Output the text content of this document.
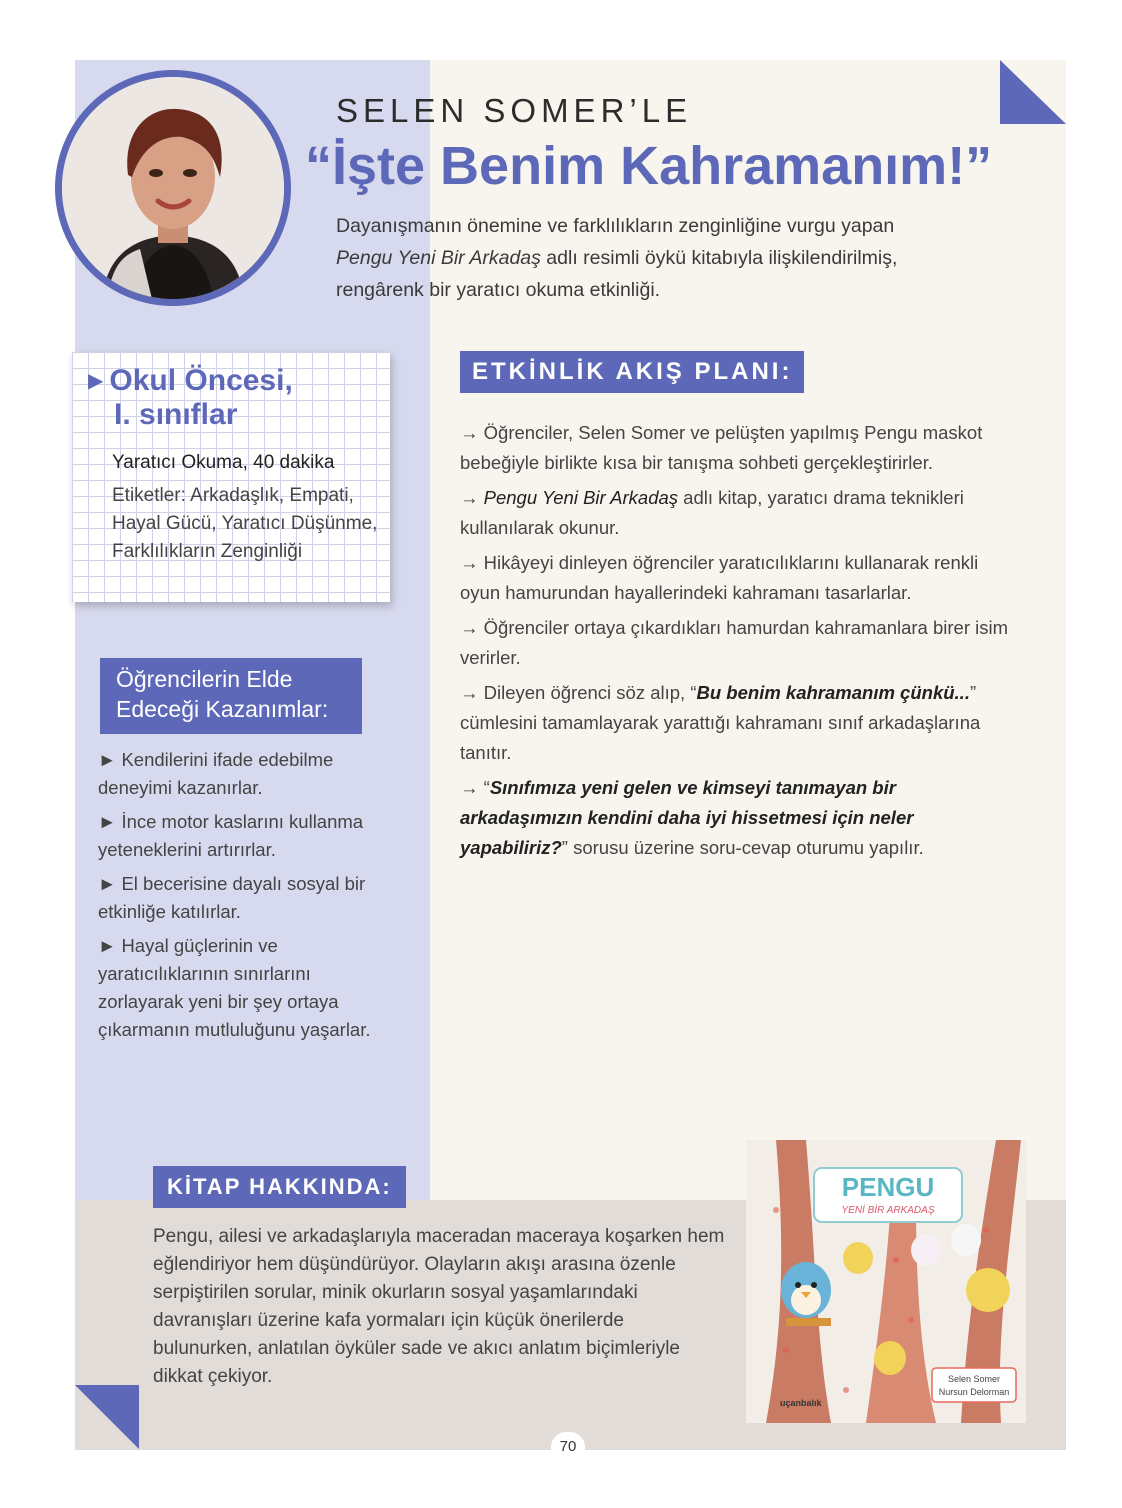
SELEN SOMER’LE
“İşte Benim Kahramanım!”

Dayanışmanın önemine ve farklılıkların zenginliğine vurgu yapan
Pengu Yeni Bir Arkadaş adlı resimli öykü kitabıyla ilişkilendirilmiş,
rengârenk bir yaratıcı okuma etkinliği.

▶ Okul Öncesi,
I. sınıflar

Yaratıcı Okuma, 40 dakika

Etiketler: Arkadaşlık, Empati, Hayal Gücü, Yaratıcı Düşünme, Farklılıkların Zenginliği

Öğrencilerin Elde
Edeceği Kazanımlar:
► Kendilerini ifade edebilme deneyimi kazanırlar.
► İnce motor kaslarını kullanma yeteneklerini artırırlar.
► El becerisine dayalı sosyal bir etkinliğe katılırlar.
► Hayal güçlerinin ve yaratıcılıklarının sınırlarını zorlayarak yeni bir şey ortaya çıkarmanın mutluluğunu yaşarlar.
ETKİNLİK AKIŞ PLANI:
→ Öğrenciler, Selen Somer ve pelüşten yapılmış Pengu maskot bebeğiyle birlikte kısa bir tanışma sohbeti gerçekleştirirler.
→ Pengu Yeni Bir Arkadaş adlı kitap, yaratıcı drama teknikleri kullanılarak okunur.
→ Hikâyeyi dinleyen öğrenciler yaratıcılıklarını kullanarak renkli oyun hamurundan hayallerindeki kahramanı tasarlarlar.
→ Öğrenciler ortaya çıkardıkları hamurdan kahramanlara birer isim verirler.
→ Dileyen öğrenci söz alıp, “Bu benim kahramanım çünkü...” cümlesini tamamlayarak yarattığı kahramanı sınıf arkadaşlarına tanıtır.
→ “Sınıfımıza yeni gelen ve kimseyi tanımayan bir arkadaşımızın kendini daha iyi hissetmesi için neler yapabiliriz?” sorusu üzerine soru-cevap oturumu yapılır.
KİTAP HAKKINDA:

Pengu, ailesi ve arkadaşlarıyla maceradan maceraya koşarken hem eğlendiriyor hem düşündürüyor. Olayların akışı arasına özenle serpiştirilen sorular, minik okurların sosyal yaşamlarındaki davranışları üzerine kafa yormaları için küçük önerilerde bulunurken, anlatılan öyküler sade ve akıcı anlatım biçimleriyle dikkat çekiyor.

PENGU
YENİ BİR ARKADAŞ
Selen Somer
Nursun Delorman
uçanbalık
70
